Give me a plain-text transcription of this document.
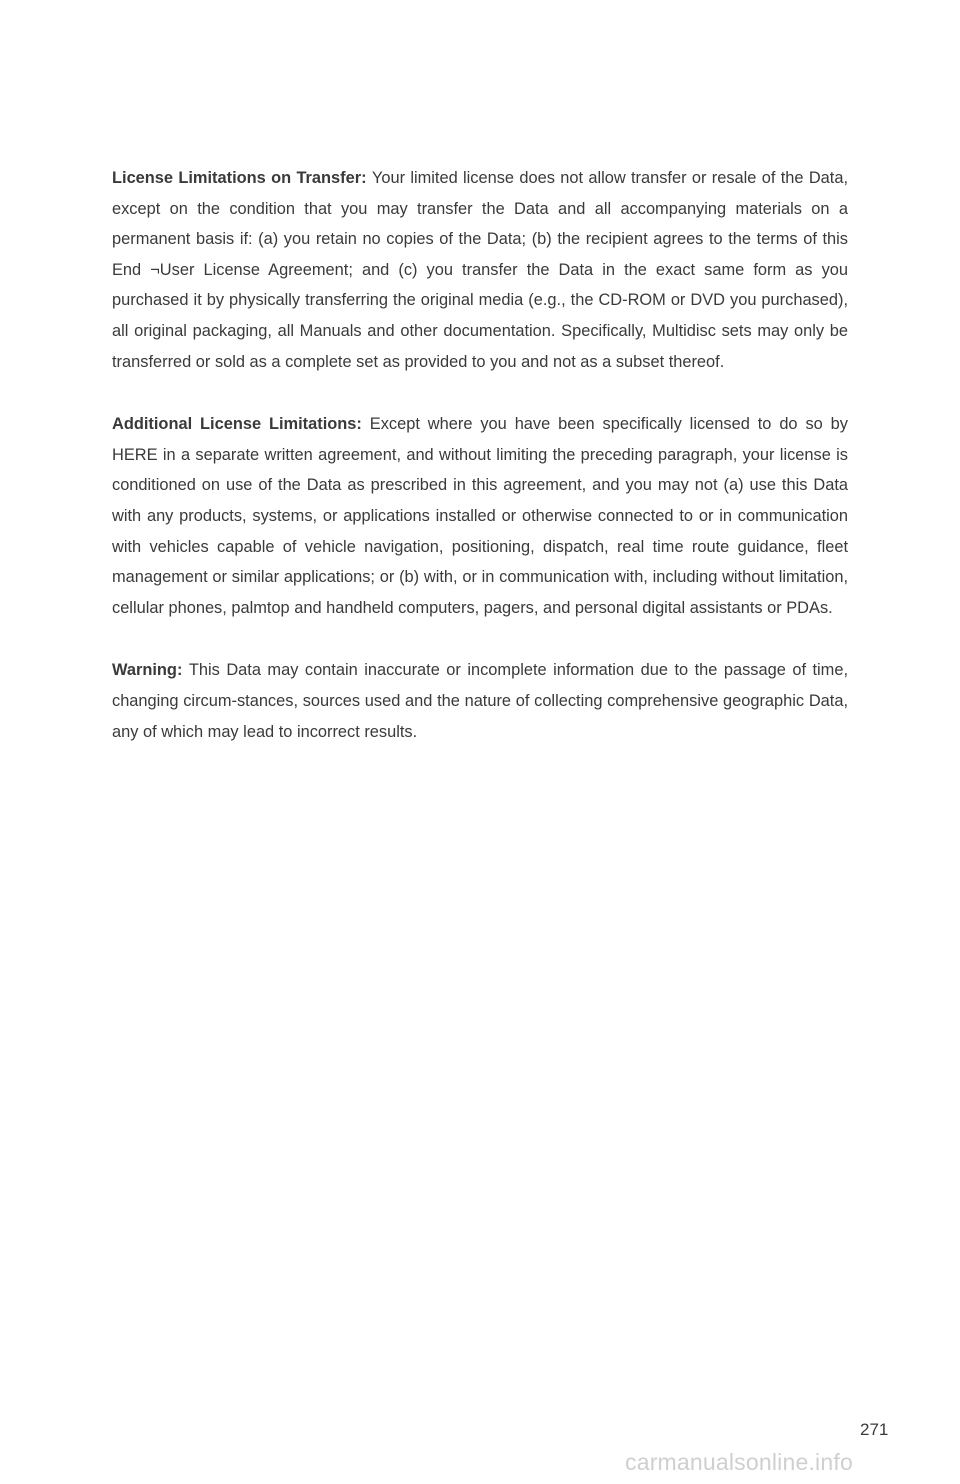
License Limitations on Transfer: Your limited license does not allow transfer or resale of the Data, except on the condition that you may transfer the Data and all accompanying materials on a permanent basis if: (a) you retain no copies of the Data; (b) the recipient agrees to the terms of this End ¬User License Agreement; and (c) you transfer the Data in the exact same form as you purchased it by physically transferring the original media (e.g., the CD-ROM or DVD you purchased), all original packaging, all Manuals and other documentation. Specifically, Multidisc sets may only be transferred or sold as a complete set as provided to you and not as a subset thereof.

Additional License Limitations: Except where you have been specifically licensed to do so by HERE in a separate written agreement, and without limiting the preceding paragraph, your license is conditioned on use of the Data as prescribed in this agreement, and you may not (a) use this Data with any products, systems, or applications installed or otherwise connected to or in communication with vehicles capable of vehicle navigation, positioning, dispatch, real time route guidance, fleet management or similar applications; or (b) with, or in communication with, including without limitation, cellular phones, palmtop and handheld computers, pagers, and personal digital assistants or PDAs.

Warning: This Data may contain inaccurate or incomplete information due to the passage of time, changing circum-stances, sources used and the nature of collecting comprehensive geographic Data, any of which may lead to incorrect results.

271
carmanualsonline.info
